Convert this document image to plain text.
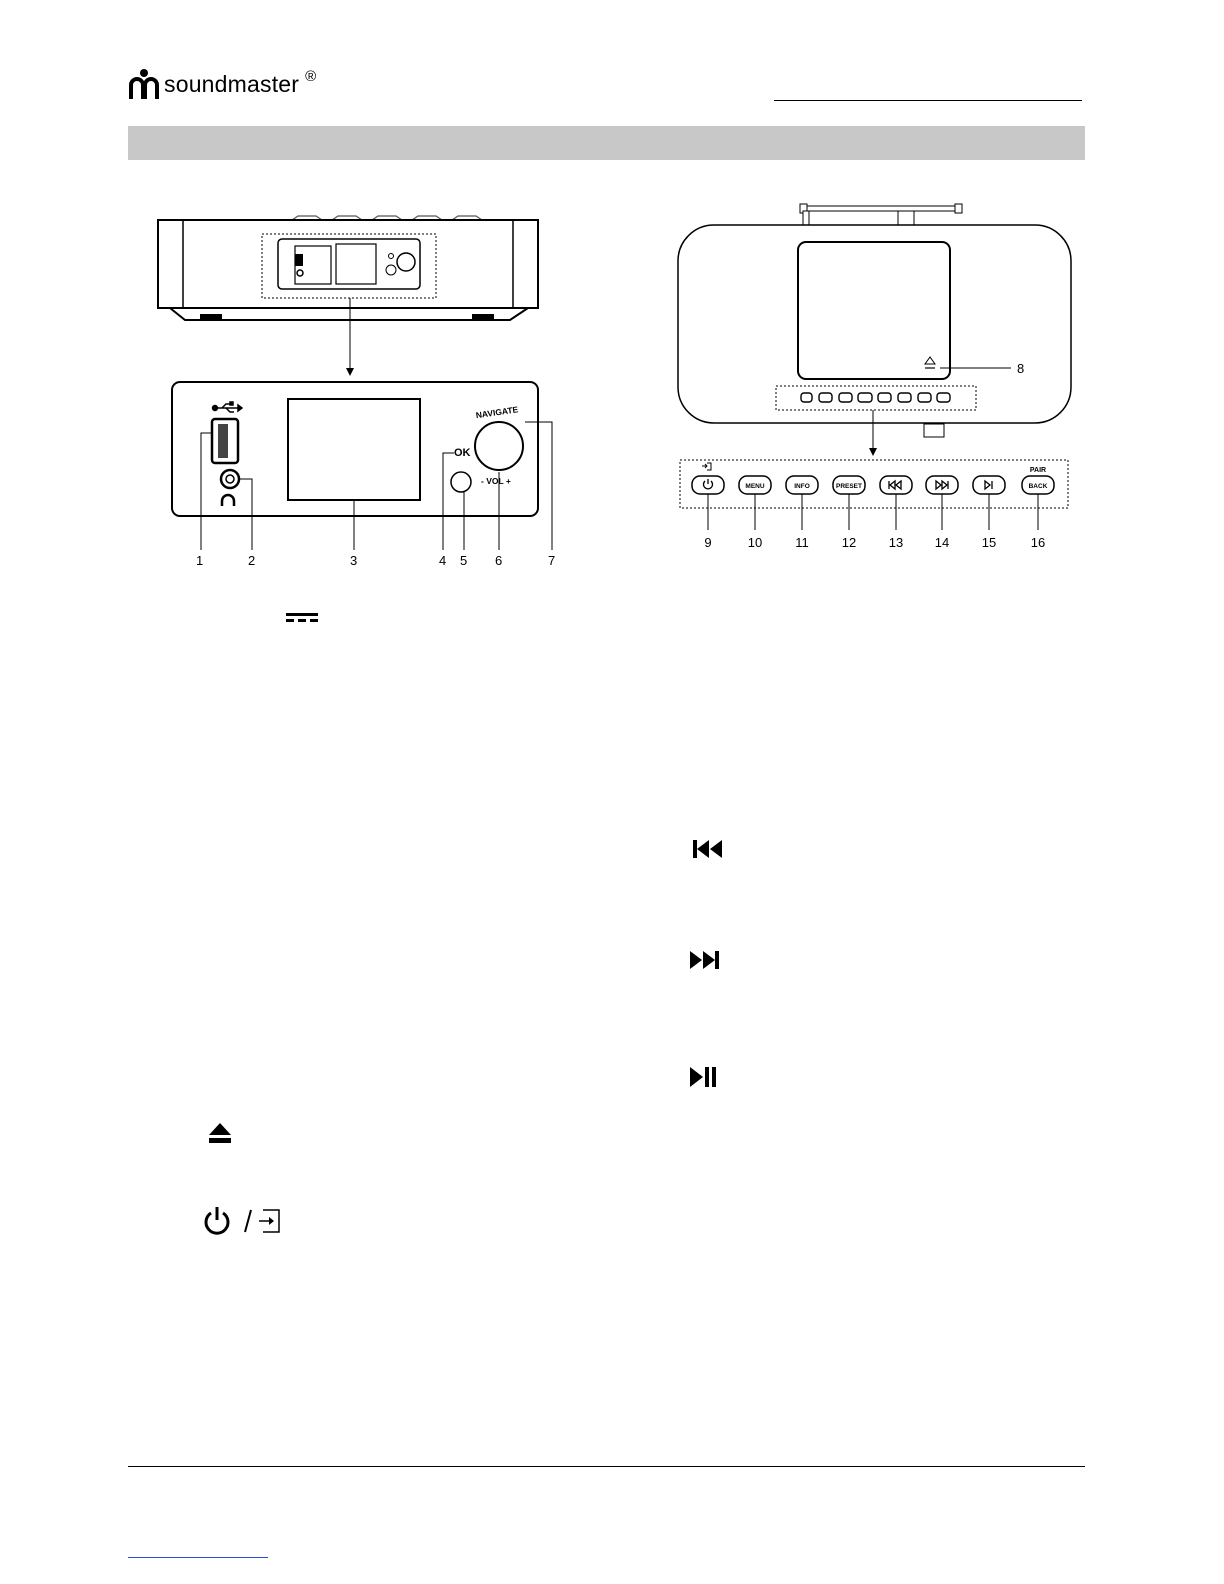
soundmaster ®
OK
NAVIGATE
- VOL +
1	2	3	4 5 6	7
8
MENU	INFO	PRESET	BACK
PAIR
9	10	11	12	13 14	15	16
